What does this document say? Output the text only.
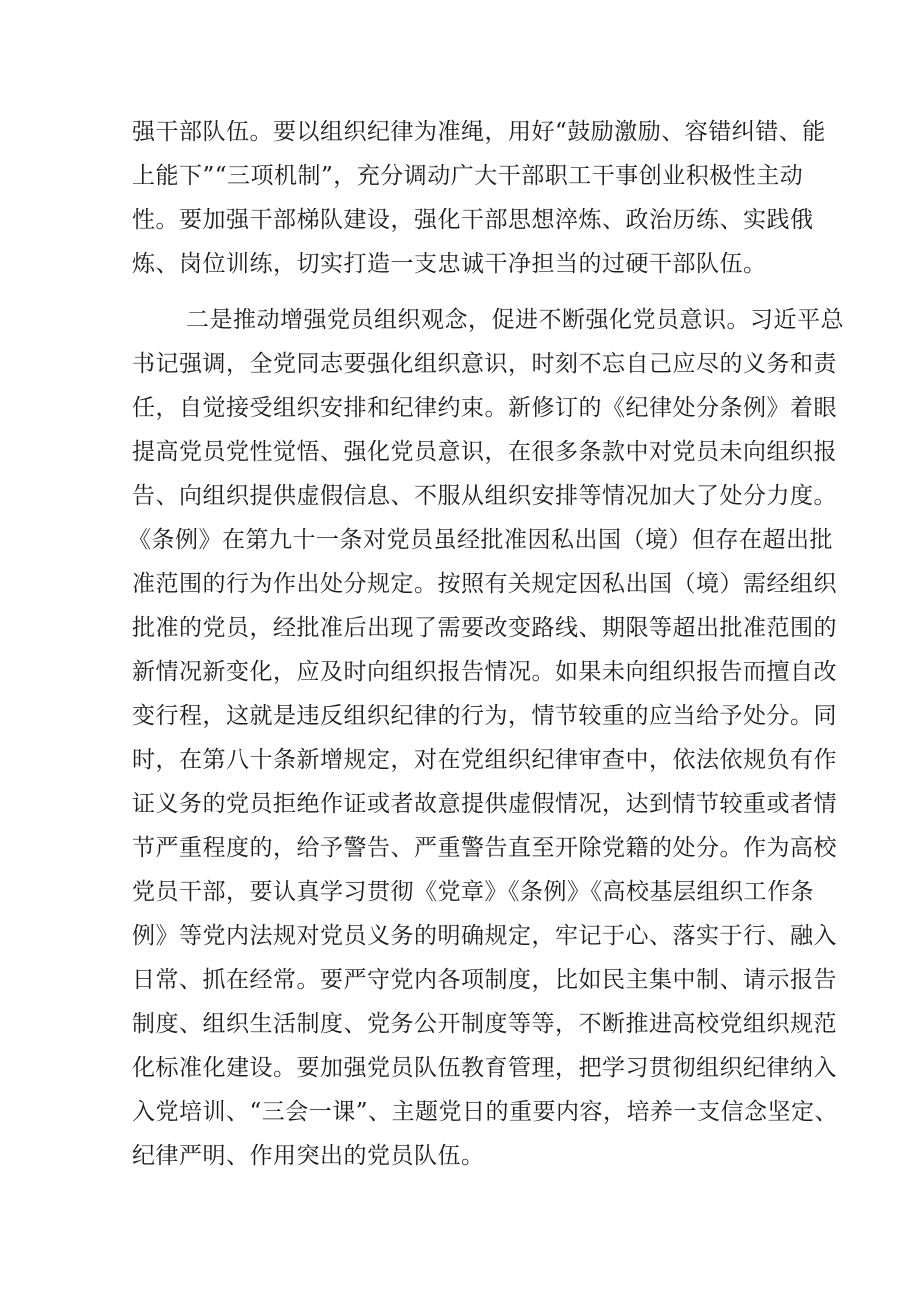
强干部队伍。要以组织纪律为准绳，用好“鼓励激励、容错纠错、能
上能下”“三项机制”，充分调动广大干部职工干事创业积极性主动
性。要加强干部梯队建设，强化干部思想淬炼、政治历练、实践俄
炼、岗位训练，切实打造一支忠诚干净担当的过硬干部队伍。
二是推动增强党员组织观念，促进不断强化党员意识。习近平总
书记强调，全党同志要强化组织意识，时刻不忘自己应尽的义务和责
任，自觉接受组织安排和纪律约束。新修订的《纪律处分条例》着眼
提高党员党性觉悟、强化党员意识，在很多条款中对党员未向组织报
告、向组织提供虚假信息、不服从组织安排等情况加大了处分力度。
《条例》在第九十一条对党员虽经批准因私出国（境）但存在超出批
准范围的行为作出处分规定。按照有关规定因私出国（境）需经组织
批准的党员，经批准后出现了需要改变路线、期限等超出批准范围的
新情况新变化，应及时向组织报告情况。如果未向组织报告而擅自改
变行程，这就是违反组织纪律的行为，情节较重的应当给予处分。同
时，在第八十条新增规定，对在党组织纪律审查中，依法依规负有作
证义务的党员拒绝作证或者故意提供虚假情况，达到情节较重或者情
节严重程度的，给予警告、严重警告直至开除党籍的处分。作为高校
党员干部，要认真学习贯彻《党章》《条例》《高校基层组织工作条
例》等党内法规对党员义务的明确规定，牢记于心、落实于行、融入
日常、抓在经常。要严守党内各项制度，比如民主集中制、请示报告
制度、组织生活制度、党务公开制度等等，不断推进高校党组织规范
化标准化建设。要加强党员队伍教育管理，把学习贯彻组织纪律纳入
入党培训、“三会一课”、主题党日的重要内容，培养一支信念坚定、
纪律严明、作用突出的党员队伍。
